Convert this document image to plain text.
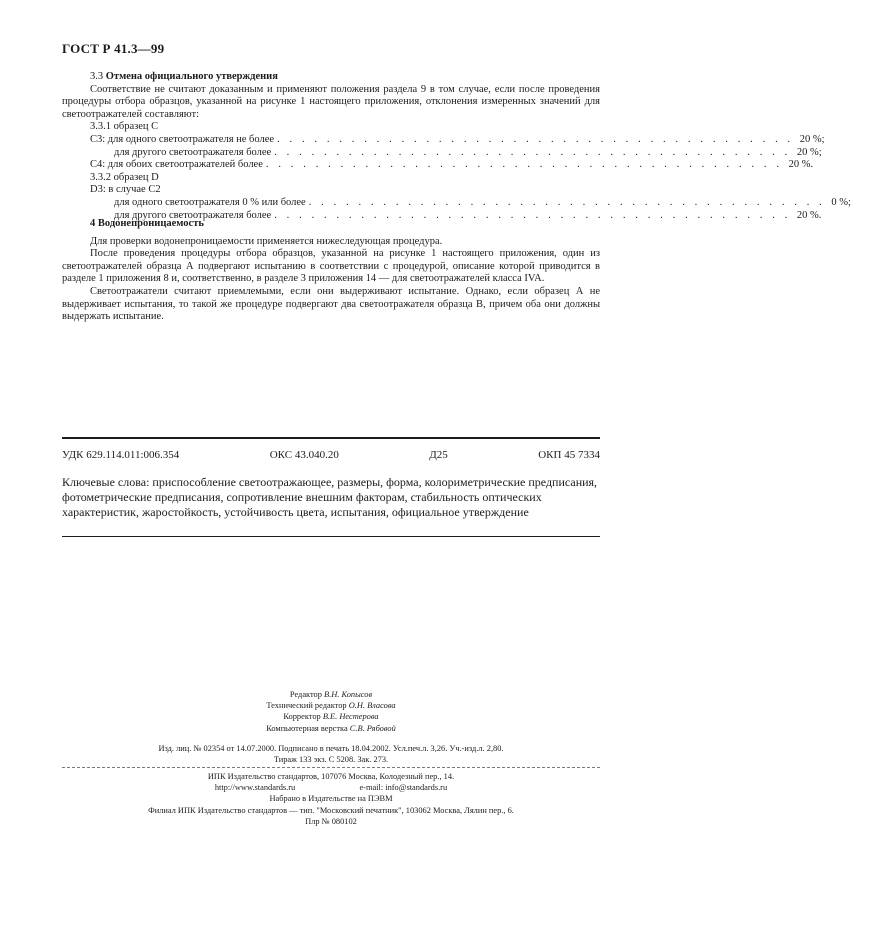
ГОСТ Р 41.3—99

3.3 Отмена официального утверждения

Соответствие не считают доказанным и применяют положения раздела 9 в том случае, если после проведения процедуры отбора образцов, указанной на рисунке 1 настоящего приложения, отклонения измеренных значений для светоотражателей составляют:

3.3.1 образец С

С3: для одного светоотражателя не более . . . . . . . . . . . . . . . . . . . . . . . . . . . . . . . . . . . . . . . . . . 20 %;
для другого светоотражателя более . . . . . . . . . . . . . . . . . . . . . . . . . . . . . . . . . . . . . . . . . . 20 %;
С4: для обоих светоотражателей более . . . . . . . . . . . . . . . . . . . . . . . . . . . . . . . . . . . . . . . . . . 20 %.

3.3.2 образец D

D3: в случае С2

для одного светоотражателя 0 % или более . . . . . . . . . . . . . . . . . . . . . . . . . . . . . . . . . . . . . . . . . . 0 %;
для другого светоотражателя более . . . . . . . . . . . . . . . . . . . . . . . . . . . . . . . . . . . . . . . . . . 20 %.

4 Водонепроницаемость

Для проверки водонепроницаемости применяется нижеследующая процедура.

После проведения процедуры отбора образцов, указанной на рисунке 1 настоящего приложения, один из светоотражателей образца А подвергают испытанию в соответствии с процедурой, описание которой приводится в разделе 1 приложения 8 и, соответственно, в разделе 3 приложения 14 — для светоотражателей класса IVA.

Светоотражатели считают приемлемыми, если они выдерживают испытание. Однако, если образец А не выдерживает испытания, то такой же процедуре подвергают два светоотражателя образца В, причем оба они должны выдержать испытание.

УДК 629.114.011:006.354	ОКС 43.040.20	Д25	ОКП 45 7334
Ключевые слова: приспособление светоотражающее, размеры, форма, колориметрические предписания, фотометрические предписания, сопротивление внешним факторам, стабильность оптических характеристик, жаростойкость, устойчивость цвета, испытания, официальное утверждение
Редактор В.Н. Копысов
Технический редактор О.Н. Власова
Корректор В.Е. Нестерова
Компьютерная верстка С.В. Рябовой
Изд. лиц. № 02354 от 14.07.2000. Подписано в печать 18.04.2002. Усл.печ.л. 3,26. Уч.-изд.л. 2,80.
Тираж 133 экз. С 5208. Зак. 273.
ИПК Издательство стандартов, 107076 Москва, Колодезный пер., 14.
http://www.standards.ru	e-mail: info@standards.ru
Набрано в Издательстве на ПЭВМ
Филиал ИПК Издательство стандартов — тип. "Московский печатник", 103062 Москва, Лялин пер., 6.
Плр № 080102
